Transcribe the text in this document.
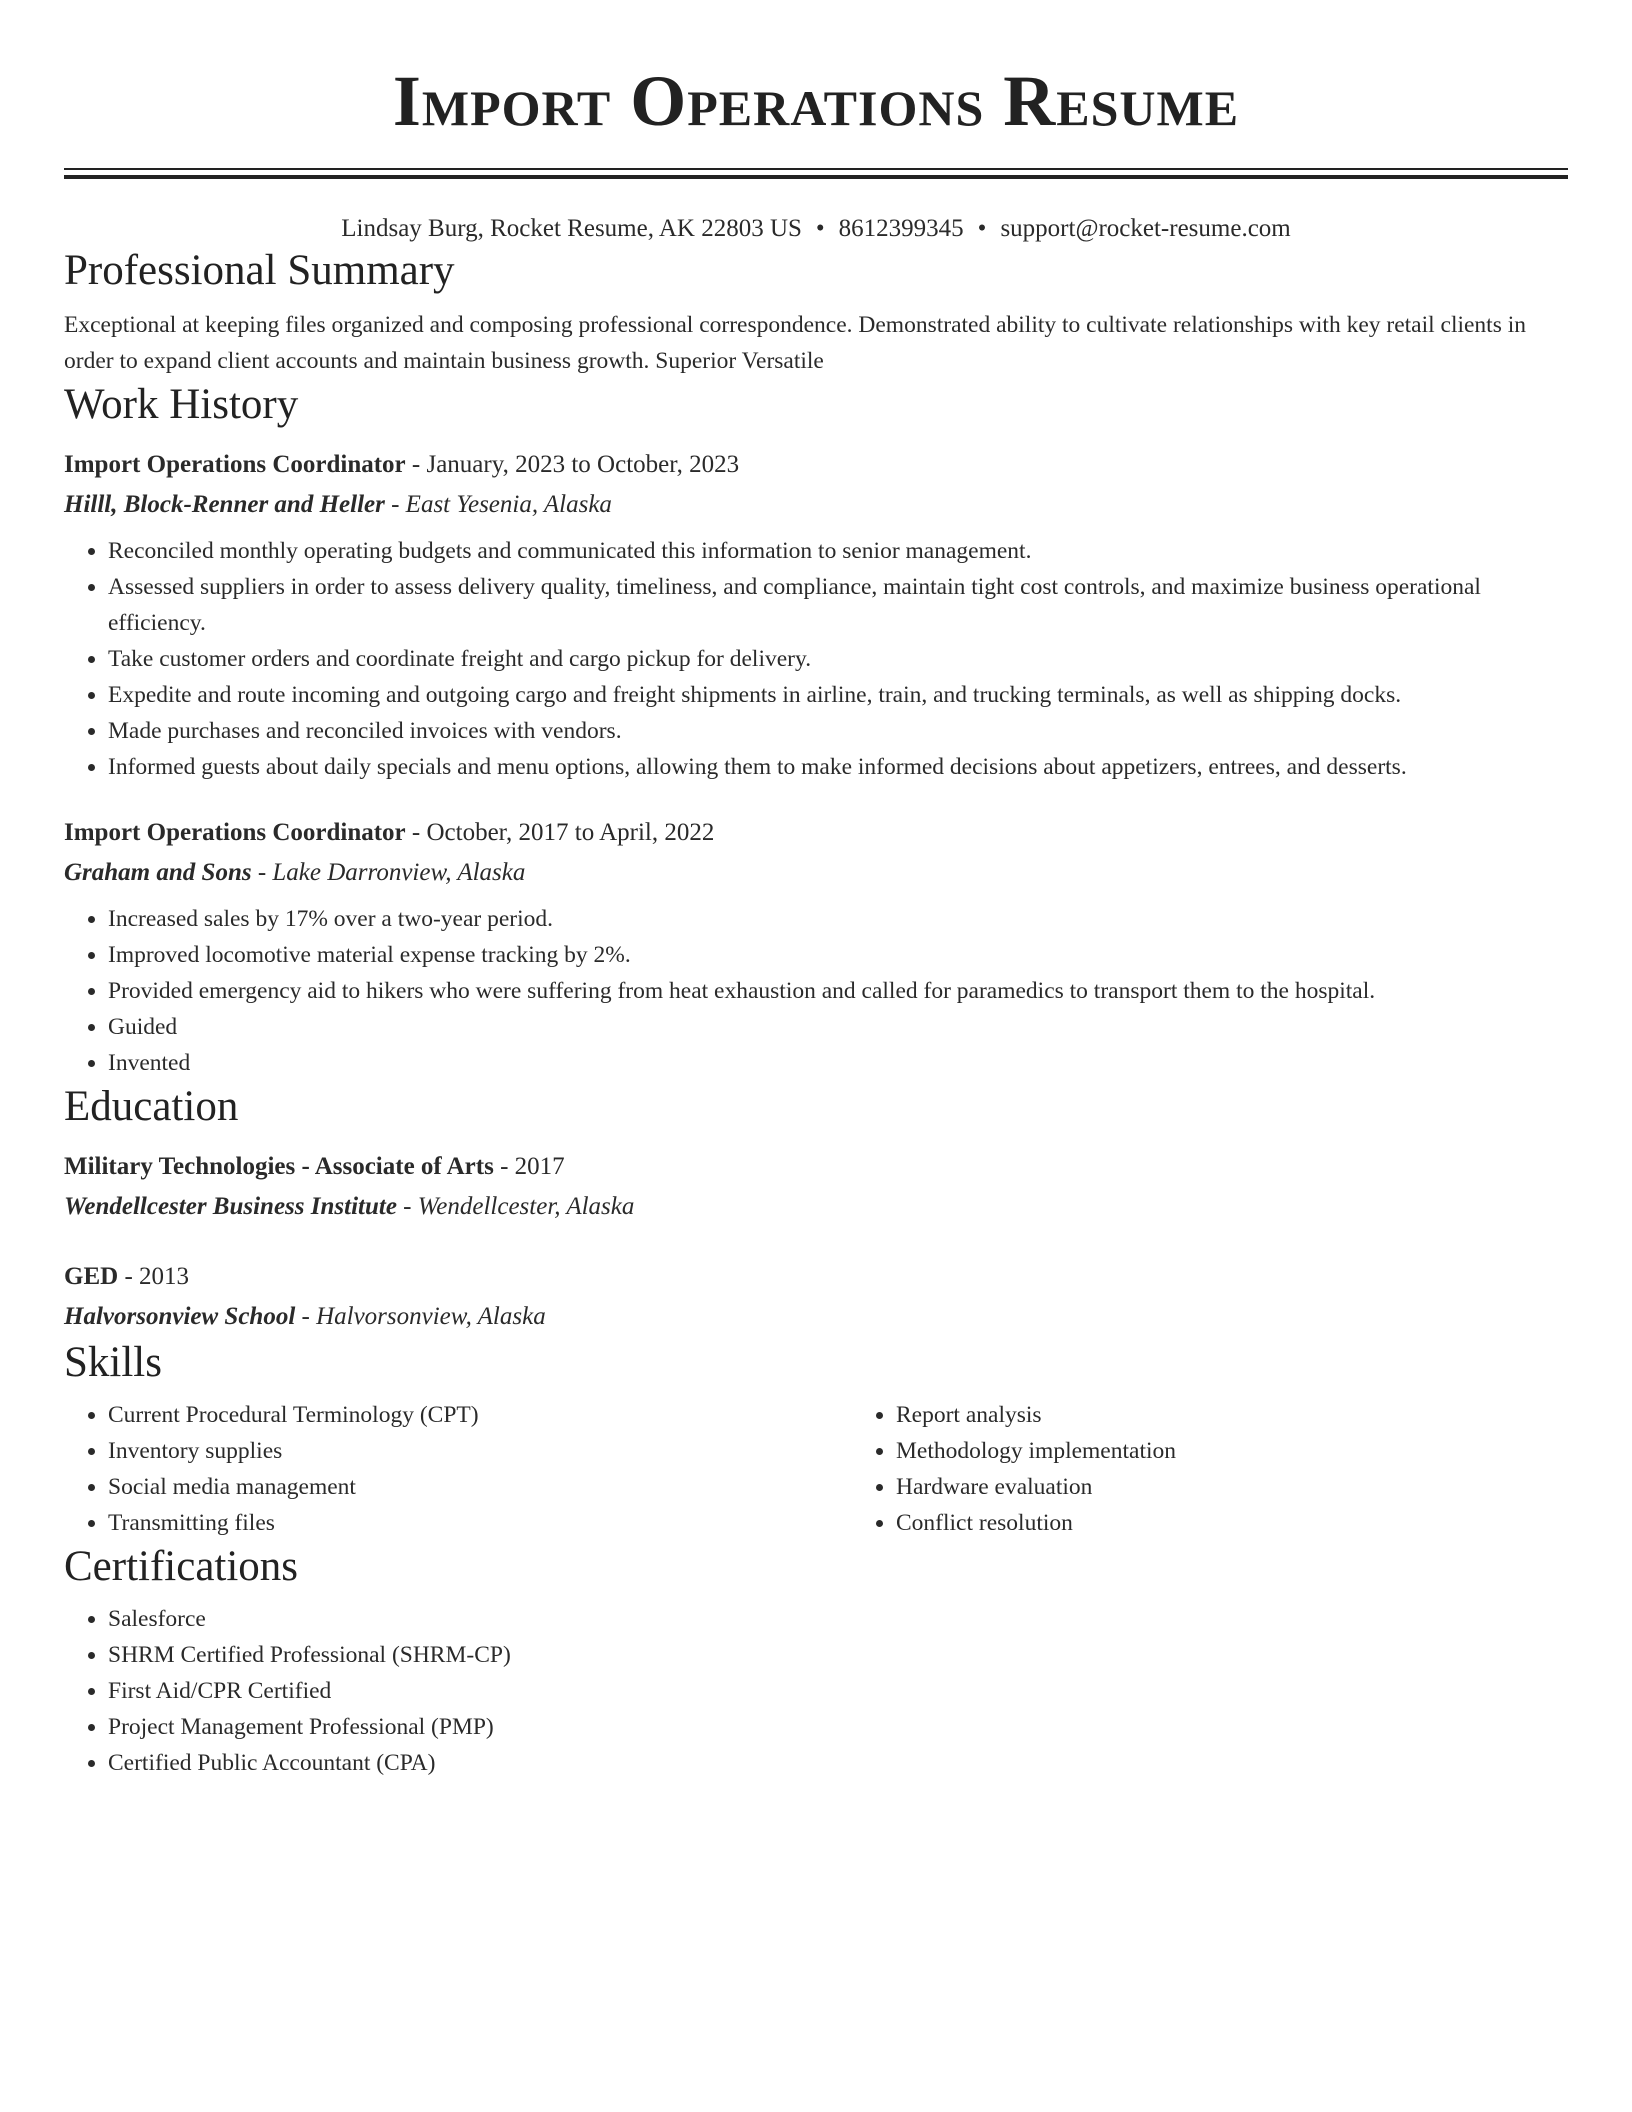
Import Operations Resume
Lindsay Burg, Rocket Resume, AK 22803 US • 8612399345 • support@rocket-resume.com
Professional Summary
Exceptional at keeping files organized and composing professional correspondence. Demonstrated ability to cultivate relationships with key retail clients in order to expand client accounts and maintain business growth. Superior Versatile
Work History
Import Operations Coordinator - January, 2023 to October, 2023
Hilll, Block-Renner and Heller - East Yesenia, Alaska
• Reconciled monthly operating budgets and communicated this information to senior management.
• Assessed suppliers in order to assess delivery quality, timeliness, and compliance, maintain tight cost controls, and maximize business operational efficiency.
• Take customer orders and coordinate freight and cargo pickup for delivery.
• Expedite and route incoming and outgoing cargo and freight shipments in airline, train, and trucking terminals, as well as shipping docks.
• Made purchases and reconciled invoices with vendors.
• Informed guests about daily specials and menu options, allowing them to make informed decisions about appetizers, entrees, and desserts.
Import Operations Coordinator - October, 2017 to April, 2022
Graham and Sons - Lake Darronview, Alaska
• Increased sales by 17% over a two-year period.
• Improved locomotive material expense tracking by 2%.
• Provided emergency aid to hikers who were suffering from heat exhaustion and called for paramedics to transport them to the hospital.
• Guided
• Invented
Education
Military Technologies - Associate of Arts - 2017
Wendellcester Business Institute - Wendellcester, Alaska
GED - 2013
Halvorsonview School - Halvorsonview, Alaska
Skills
• Current Procedural Terminology (CPT)
• Inventory supplies
• Social media management
• Transmitting files
• Report analysis
• Methodology implementation
• Hardware evaluation
• Conflict resolution
Certifications
• Salesforce
• SHRM Certified Professional (SHRM-CP)
• First Aid/CPR Certified
• Project Management Professional (PMP)
• Certified Public Accountant (CPA)
